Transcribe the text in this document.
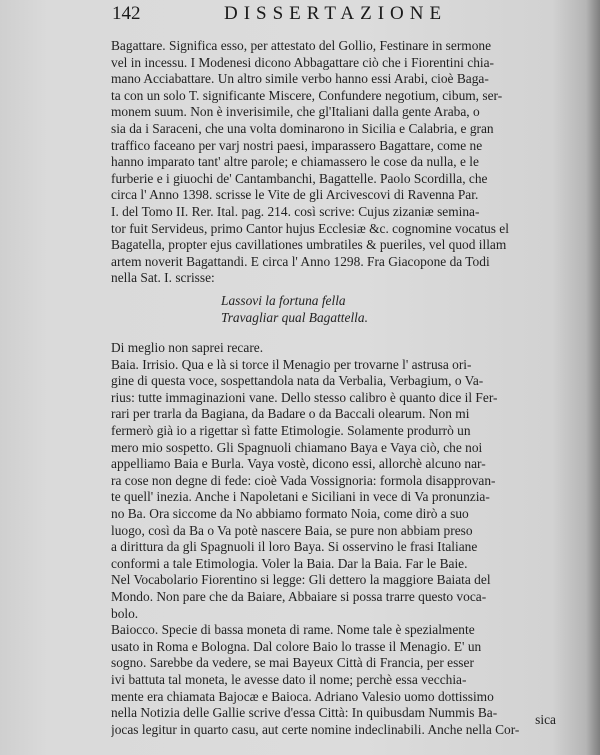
142	DISSERTAZIONE
Bagattare. Significa esso, per attestato del Gollio, Festinare in sermone
vel in incessu. I Modenesi dicono Abbagattare ciò che i Fiorentini chia-
mano Acciabattare. Un altro simile verbo hanno essi Arabi, cioè Baga-
ta con un solo T. significante Miscere, Confundere negotium, cibum, ser-
monem suum. Non è inverisimile, che gl'Italiani dalla gente Araba, o
sia da i Saraceni, che una volta dominarono in Sicilia e Calabria, e gran
traffico faceano per varj nostri paesi, imparassero Bagattare, come ne
hanno imparato tant' altre parole; e chiamassero le cose da nulla, e le
furberie e i giuochi de' Cantambanchi, Bagattelle. Paolo Scordilla, che
circa l' Anno 1398. scrisse le Vite de gli Arcivescovi di Ravenna Par.
I. del Tomo II. Rer. Ital. pag. 214. così scrive: Cujus zizaniæ semina-
tor fuit Servideus, primo Cantor hujus Ecclesiæ &c. cognomine vocatus el
Bagatella, propter ejus cavillationes umbratiles & pueriles, vel quod illam
artem noverit Bagattandi. E circa l' Anno 1298. Fra Giacopone da Todi
nella Sat. I. scrisse:
Lassovi la fortuna fella
Travagliar qual Bagattella.
Di meglio non saprei recare.
Baia. Irrisio. Qua e là si torce il Menagio per trovarne l' astrusa ori-
gine di questa voce, sospettandola nata da Verbalia, Verbagium, o Va-
rius: tutte immaginazioni vane. Dello stesso calibro è quanto dice il Fer-
rari per trarla da Bagiana, da Badare o da Baccali olearum. Non mi
fermerò già io a rigettar sì fatte Etimologie. Solamente produrrò un
mero mio sospetto. Gli Spagnuoli chiamano Baya e Vaya ciò, che noi
appelliamo Baia e Burla. Vaya vostè, dicono essi, allorchè alcuno nar-
ra cose non degne di fede: cioè Vada Vossignoria: formola disapprovan-
te quell' inezia. Anche i Napoletani e Siciliani in vece di Va pronunzia-
no Ba. Ora siccome da No abbiamo formato Noia, come dirò a suo
luogo, così da Ba o Va potè nascere Baia, se pure non abbiam preso
a dirittura da gli Spagnuoli il loro Baya. Si osservino le frasi Italiane
conformi a tale Etimologia. Voler la Baia. Dar la Baia. Far le Baie.
Nel Vocabolario Fiorentino si legge: Gli dettero la maggiore Baiata del
Mondo. Non pare che da Baiare, Abbaiare si possa trarre questo voca-
bolo.
Baiocco. Specie di bassa moneta di rame. Nome tale è spezialmente
usato in Roma e Bologna. Dal colore Baio lo trasse il Menagio. E' un
sogno. Sarebbe da vedere, se mai Bayeux Città di Francia, per esser
ivi battuta tal moneta, le avesse dato il nome; perchè essa vecchia-
mente era chiamata Bajocæ e Baioca. Adriano Valesio uomo dottissimo
nella Notizia delle Gallie scrive d'essa Città: In quibusdam Nummis Ba-
jocas legitur in quarto casu, aut certe nomine indeclinabili. Anche nella Cor-
sica
